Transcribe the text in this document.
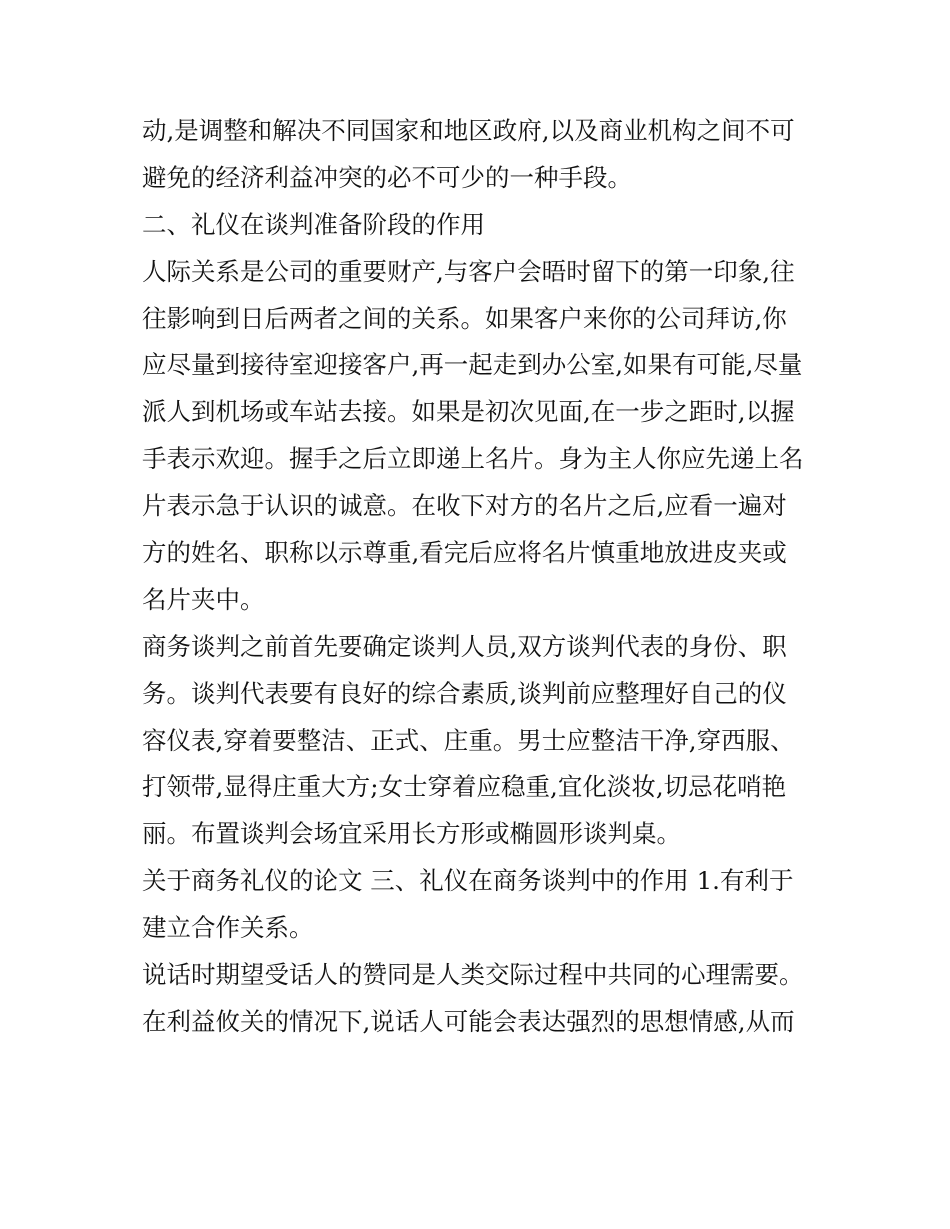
动,是调整和解决不同国家和地区政府,以及商业机构之间不可

避免的经济利益冲突的必不可少的一种手段。

二、礼仪在谈判准备阶段的作用

人际关系是公司的重要财产,与客户会晤时留下的第一印象,往

往影响到日后两者之间的关系。如果客户来你的公司拜访,你

应尽量到接待室迎接客户,再一起走到办公室,如果有可能,尽量

派人到机场或车站去接。如果是初次见面,在一步之距时,以握

手表示欢迎。握手之后立即递上名片。身为主人你应先递上名

片表示急于认识的诚意。在收下对方的名片之后,应看一遍对

方的姓名、职称以示尊重,看完后应将名片慎重地放进皮夹或

名片夹中。

商务谈判之前首先要确定谈判人员,双方谈判代表的身份、职

务。谈判代表要有良好的综合素质,谈判前应整理好自己的仪

容仪表,穿着要整洁、正式、庄重。男士应整洁干净,穿西服、

打领带,显得庄重大方;女士穿着应稳重,宜化淡妆,切忌花哨艳

丽。布置谈判会场宜采用长方形或椭圆形谈判桌。

关于商务礼仪的论文 三、礼仪在商务谈判中的作用 1.有利于

建立合作关系。

说话时期望受话人的赞同是人类交际过程中共同的心理需要。

在利益攸关的情况下,说话人可能会表达强烈的思想情感,从而
